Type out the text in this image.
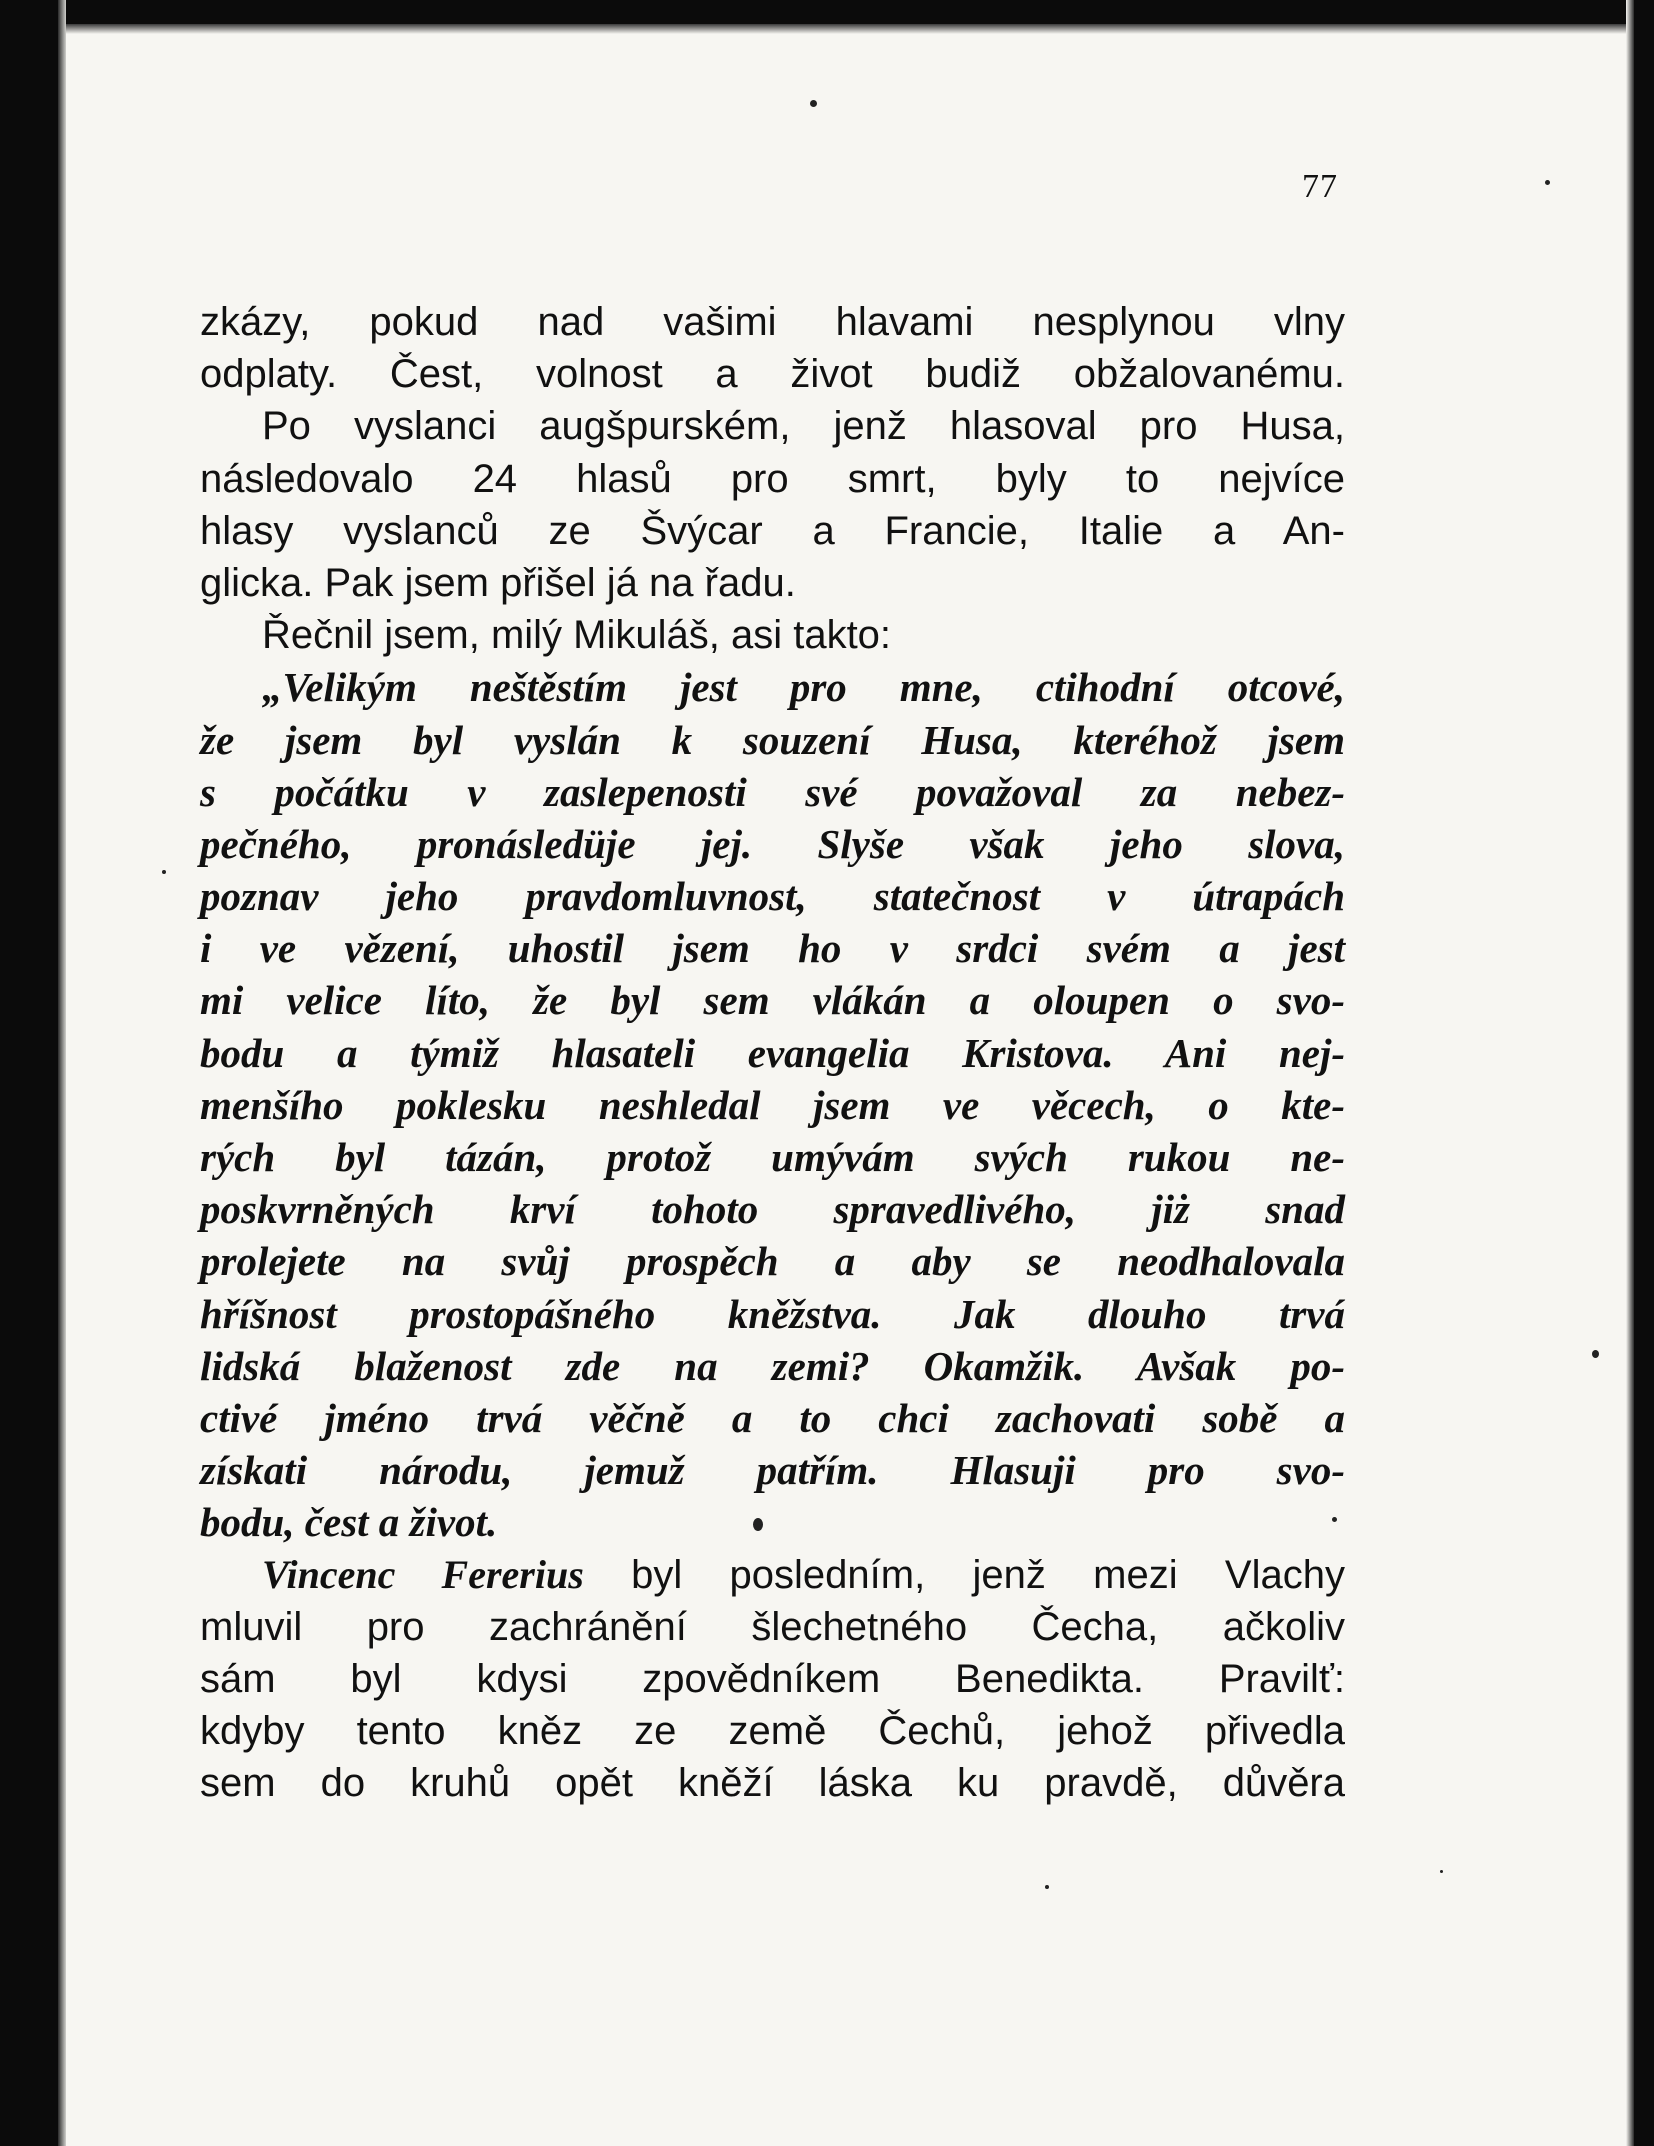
77
zkázy, pokud nad vašimi hlavami nesplynou vlny
odplaty. Čest, volnost a život budiž obžalovanému.
Po vyslanci augšpurském, jenž hlasoval pro Husa,
následovalo 24 hlasů pro smrt, byly to nejvíce
hlasy vyslanců ze Švýcar a Francie, Italie a An-
glicka. Pak jsem přišel já na řadu.
Řečnil jsem, milý Mikuláš, asi takto:
„Velikým neštěstím jest pro mne, ctihodní otcové,
že jsem byl vyslán k souzení Husa, kteréhož jsem
s počátku v zaslepenosti své považoval za nebez-
pečného, pronásledüje jej. Slyše však jeho slova,
poznav jeho pravdomluvnost, statečnost v útrapách
i ve vězení, uhostil jsem ho v srdci svém a jest
mi velice líto, že byl sem vlákán a oloupen o svo-
bodu a týmiž hlasateli evangelia Kristova. Ani nej-
menšího poklesku neshledal jsem ve věcech, o kte-
rých byl tázán, protož umývám svých rukou ne-
poskvrněných krví tohoto spravedlivého, jiż snad
prolejete na svůj prospěch a aby se neodhalovala
hříšnost prostopášného kněžstva. Jak dlouho trvá
lidská blaženost zde na zemi? Okamžik. Avšak po-
ctivé jméno trvá věčně a to chci zachovati sobě a
získati národu, jemuž patřím. Hlasuji pro svo-
bodu, čest a život.
Vincenc Fererius byl posledním, jenž mezi Vlachy
mluvil pro zachránění šlechetného Čecha, ačkoliv
sám byl kdysi zpovědníkem Benedikta. Pravilť:
kdyby tento kněz ze země Čechů, jehož přivedla
sem do kruhů opět kněží láska ku pravdě, důvěra
